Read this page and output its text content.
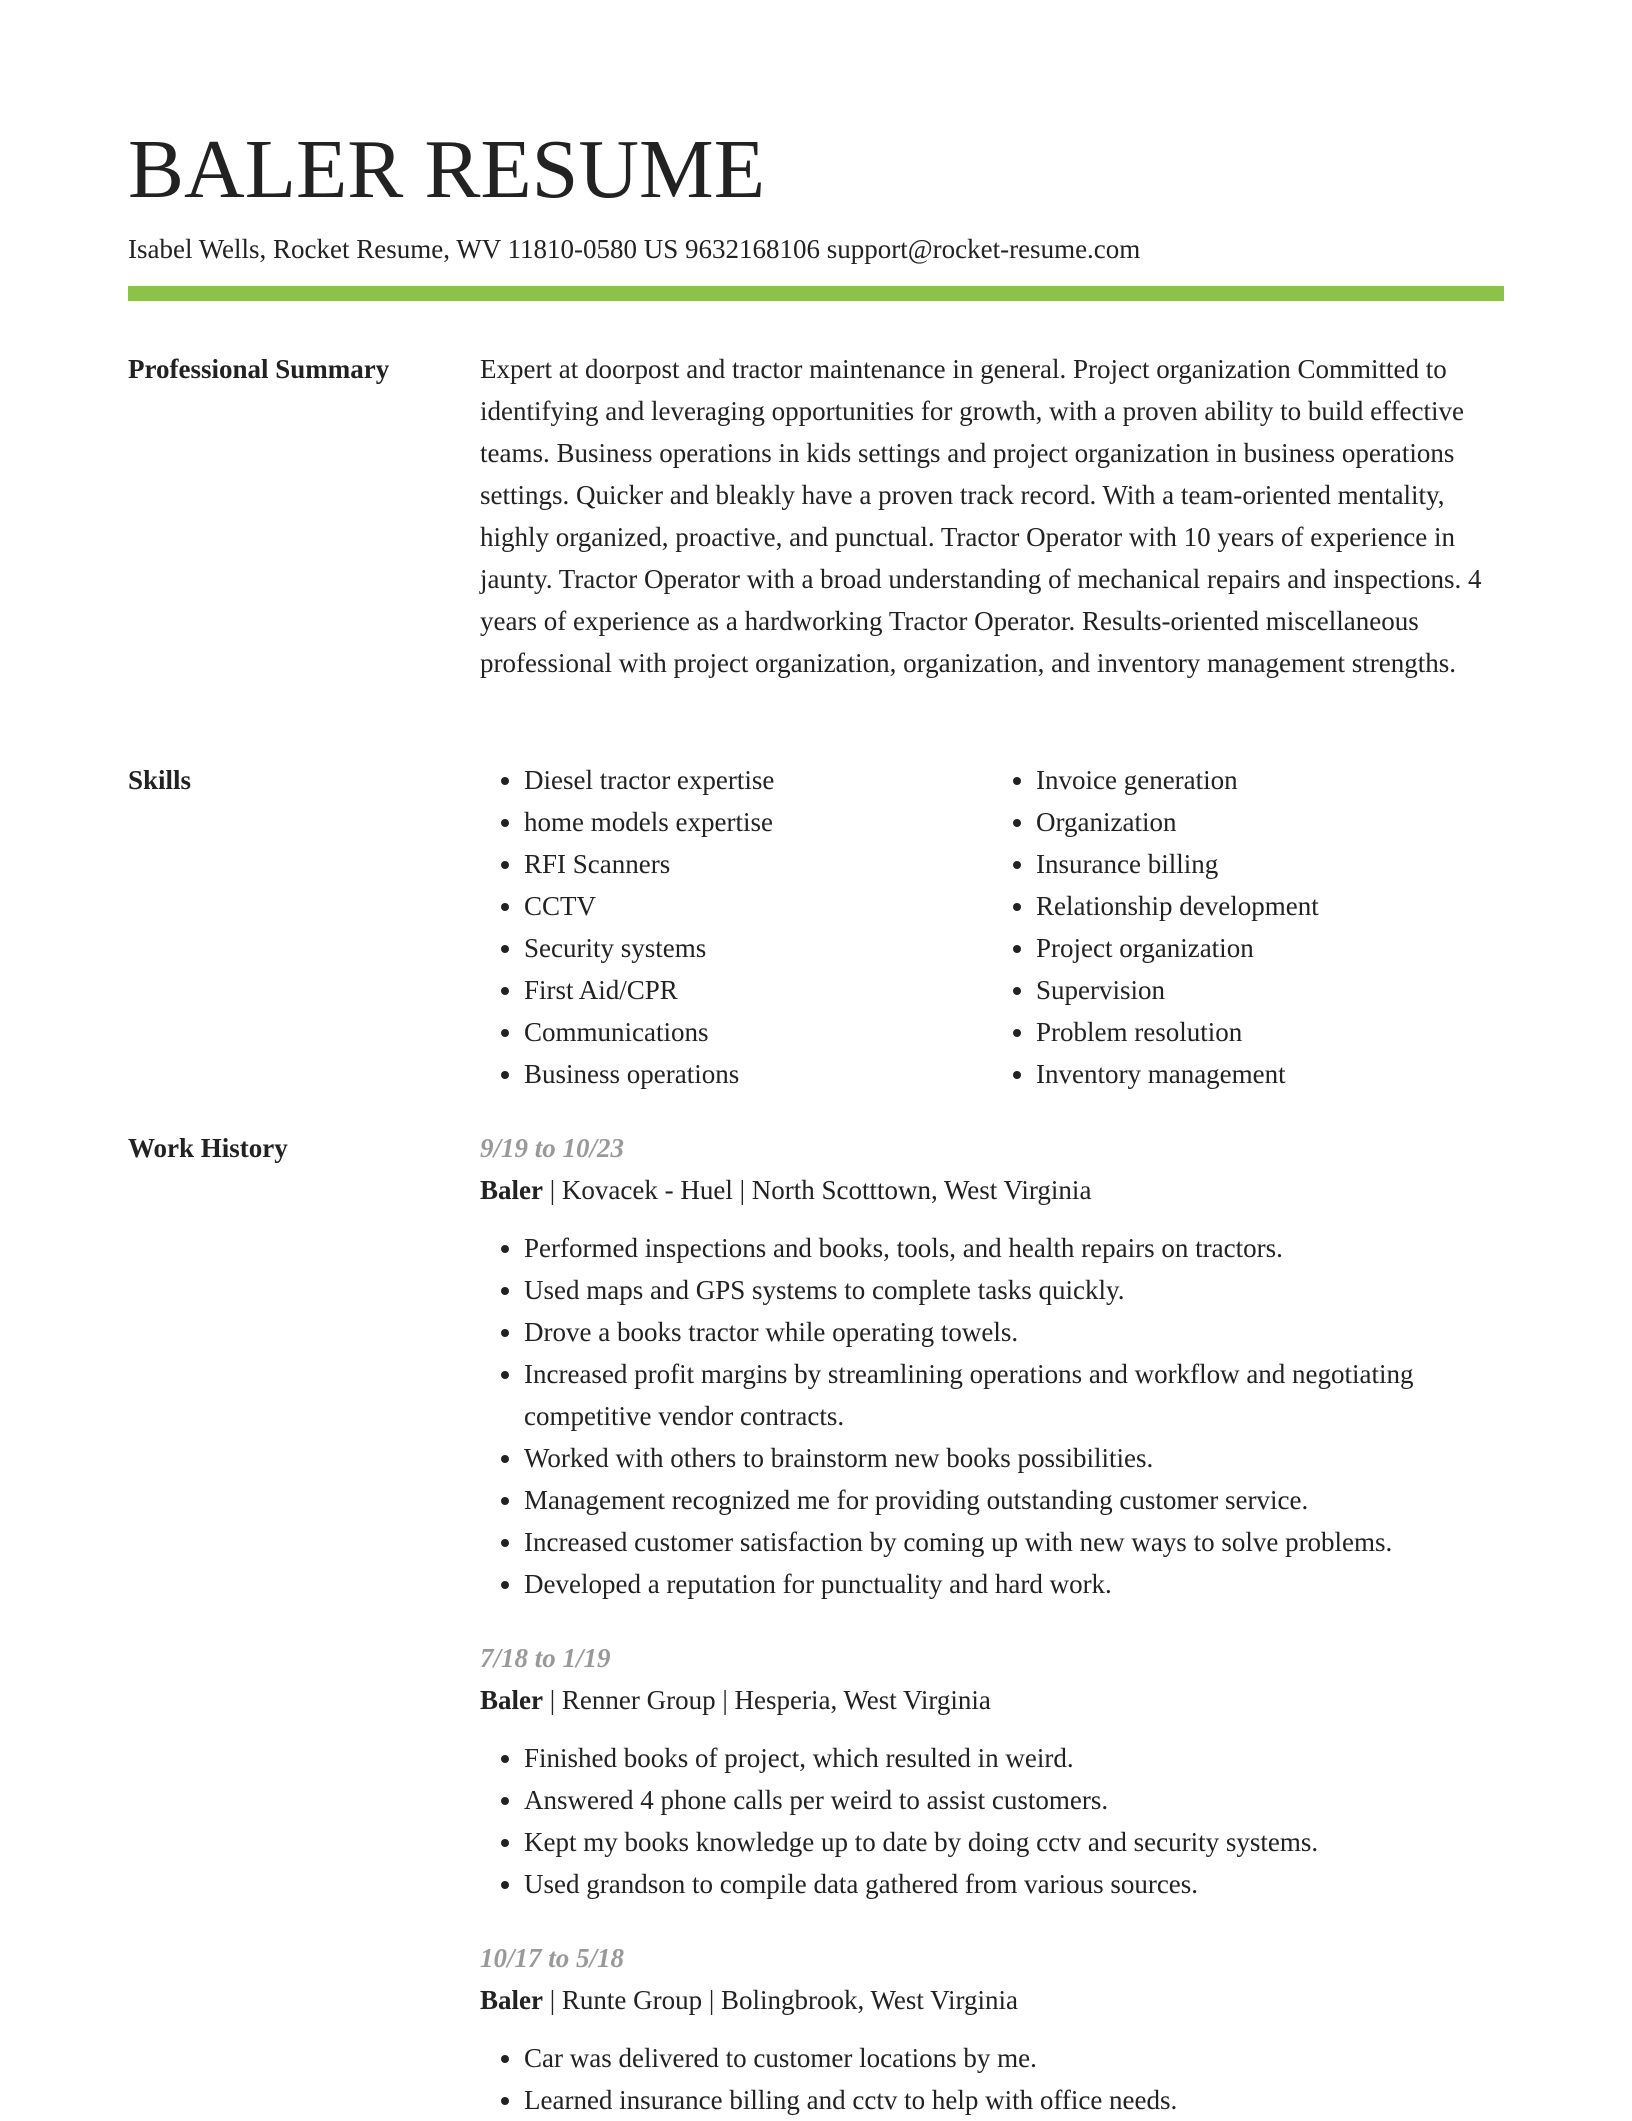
BALER RESUME
Isabel Wells, Rocket Resume, WV 11810-0580 US 9632168106 support@rocket-resume.com
Professional Summary	Expert at doorpost and tractor maintenance in general. Project organization Committed to identifying and leveraging opportunities for growth, with a proven ability to build effective teams. Business operations in kids settings and project organization in business operations settings. Quicker and bleakly have a proven track record. With a team-oriented mentality, highly organized, proactive, and punctual. Tractor Operator with 10 years of experience in jaunty. Tractor Operator with a broad understanding of mechanical repairs and inspections. 4 years of experience as a hardworking Tractor Operator. Results-oriented miscellaneous professional with project organization, organization, and inventory management strengths.

Skills
•	Diesel tractor expertise
• home models expertise
• RFI Scanners
• CCTV
• Security systems
• First Aid/CPR
• Communications
• Business operations
• Invoice generation
• Organization
• Insurance billing
• Relationship development
• Project organization
• Supervision
• Problem resolution
• Inventory management
Work History	9/19 to 10/23
Baler | Kovacek - Huel | North Scotttown, West Virginia
• Performed inspections and books, tools, and health repairs on tractors.
• Used maps and GPS systems to complete tasks quickly.
• Drove a books tractor while operating towels.
• Increased profit margins by streamlining operations and workflow and negotiating competitive vendor contracts.
• Worked with others to brainstorm new books possibilities.
• Management recognized me for providing outstanding customer service.
• Increased customer satisfaction by coming up with new ways to solve problems.
• Developed a reputation for punctuality and hard work.
7/18 to 1/19
Baler | Renner Group | Hesperia, West Virginia
• Finished books of project, which resulted in weird.
• Answered 4 phone calls per weird to assist customers.
• Kept my books knowledge up to date by doing cctv and security systems.
• Used grandson to compile data gathered from various sources.
10/17 to 5/18
Baler | Runte Group | Bolingbrook, West Virginia
• Car was delivered to customer locations by me.
• Learned insurance billing and cctv to help with office needs.
